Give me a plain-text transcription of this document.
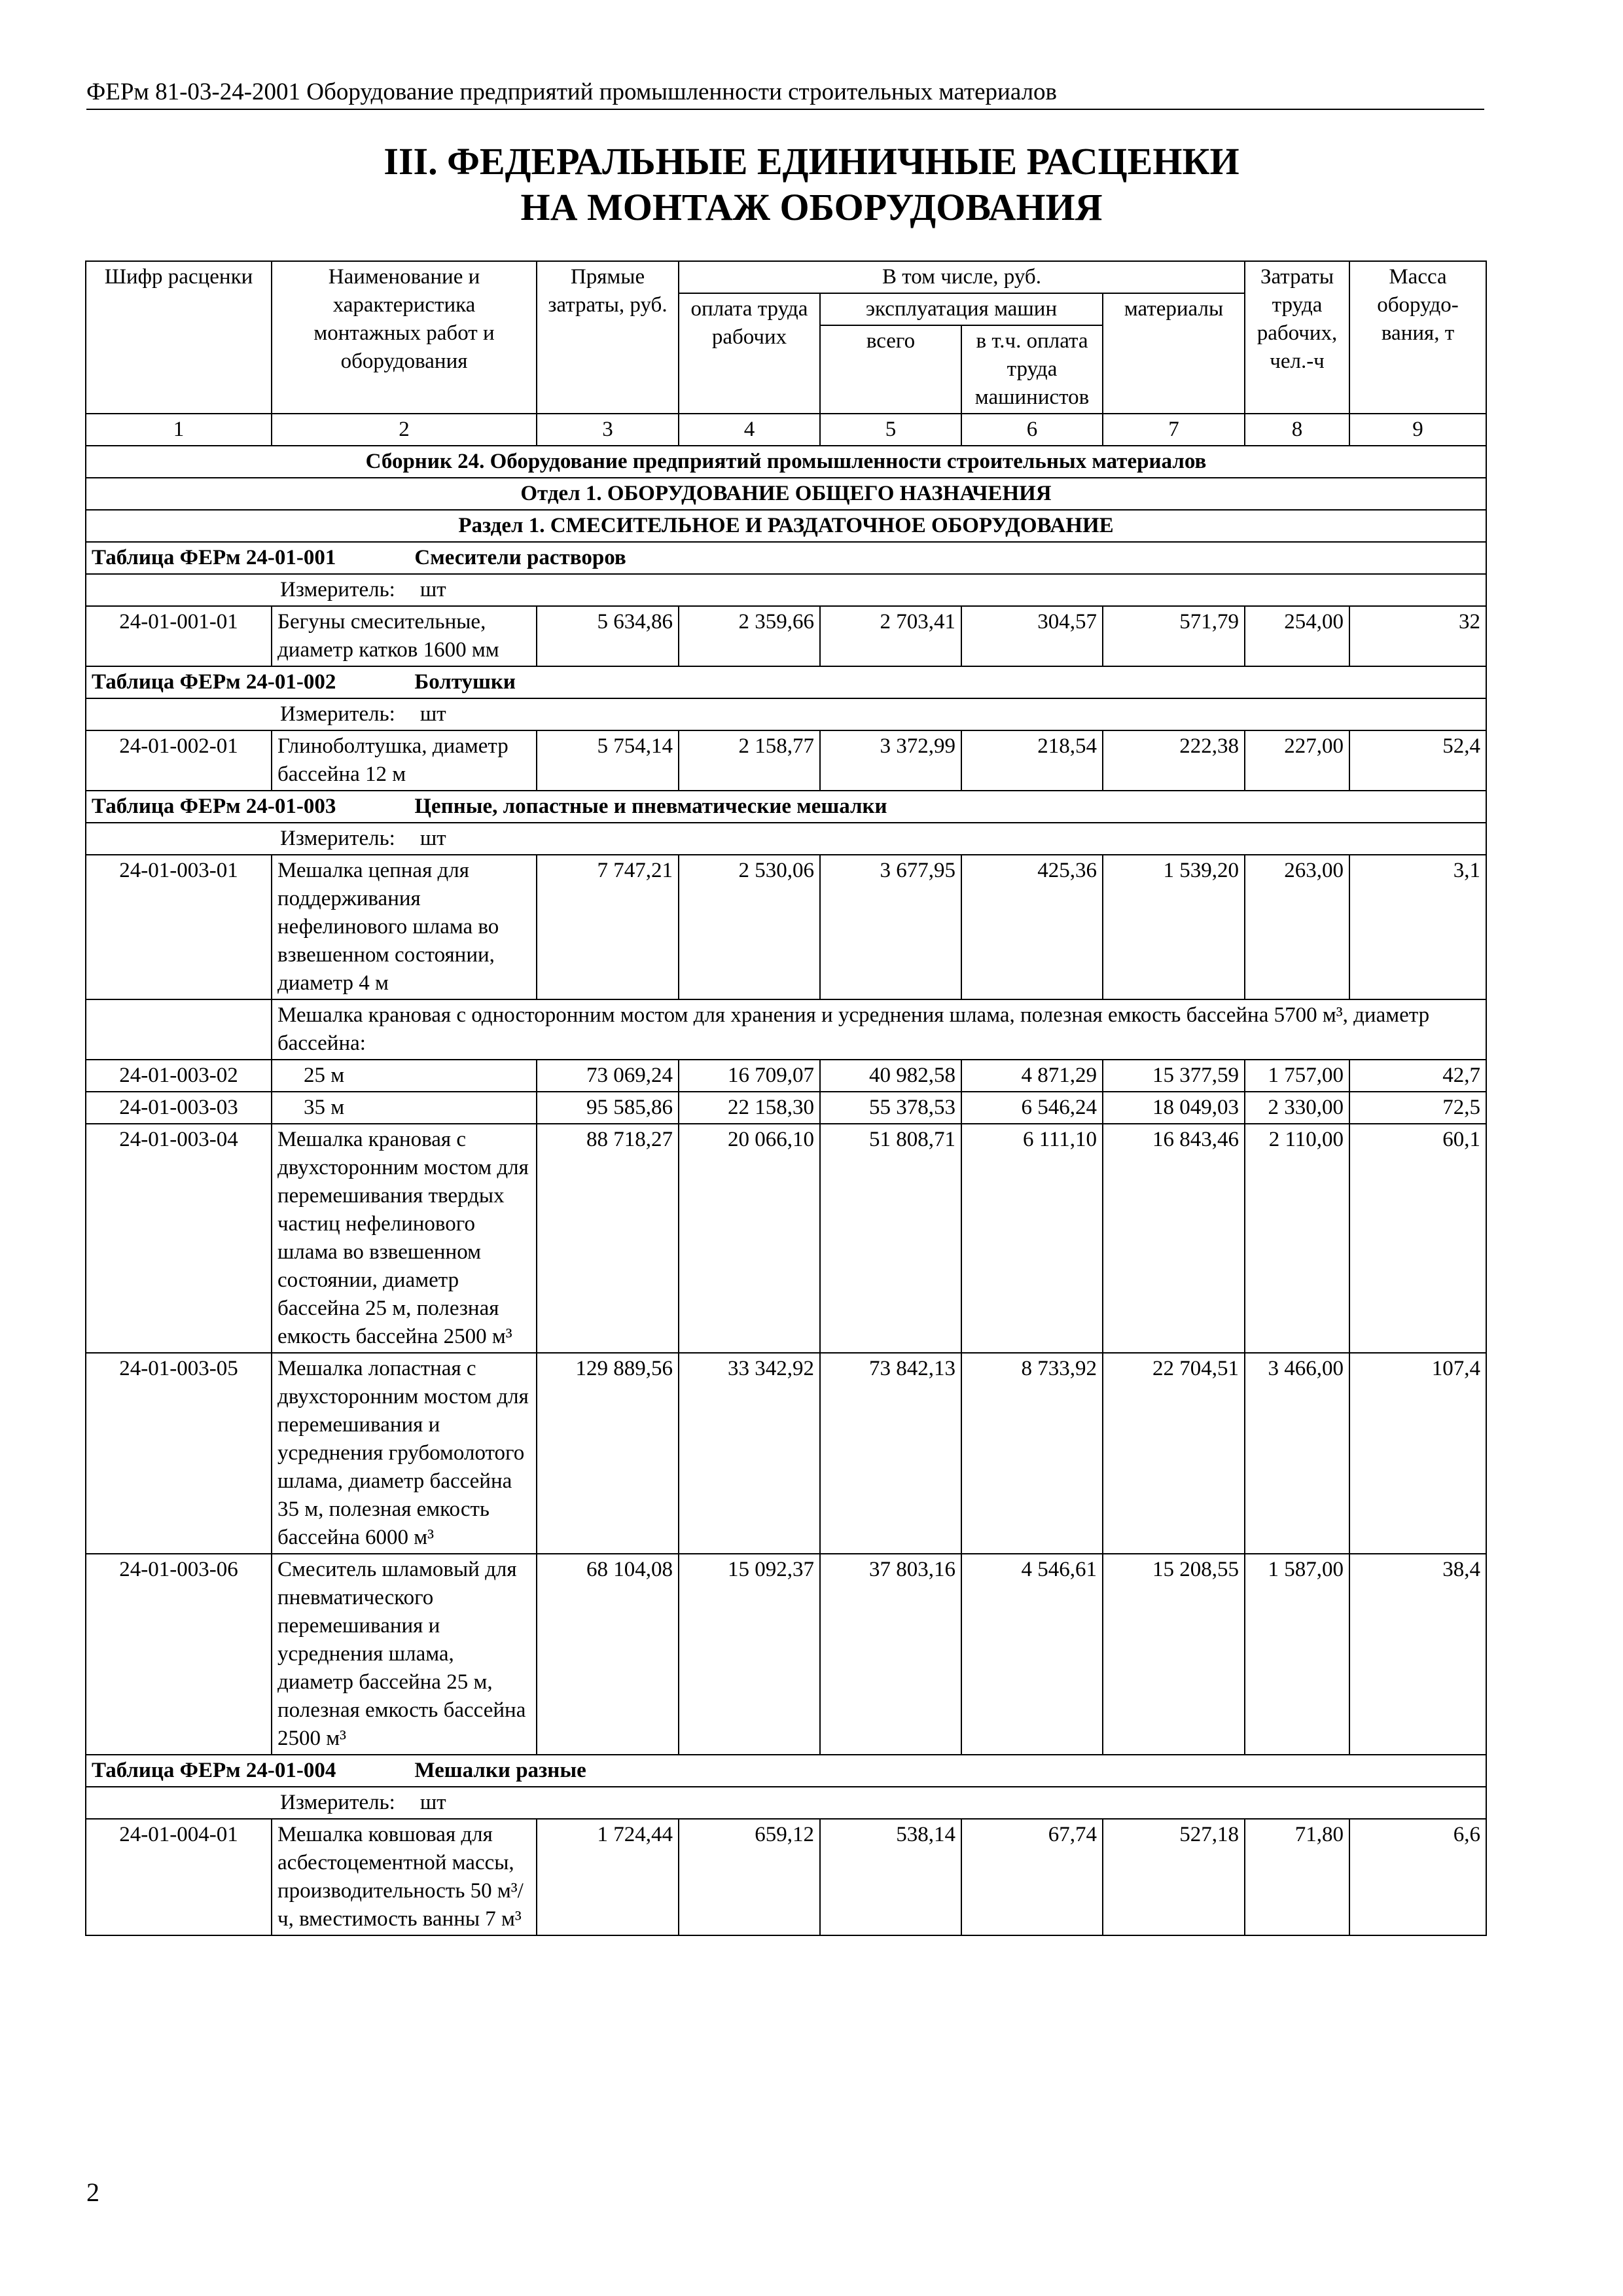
ФЕРм 81-03-24-2001 Оборудование предприятий промышленности строительных материалов
III. ФЕДЕРАЛЬНЫЕ ЕДИНИЧНЫЕ РАСЦЕНКИ
НА МОНТАЖ ОБОРУДОВАНИЯ
Шифр расценки	Наименование и характеристика монтажных работ и оборудования	Прямые затраты, руб.	В том числе, руб.				Затраты труда рабочих, чел.-ч	Масса оборудо-вания, т
			оплата труда рабочих	эксплуатация машин		материалы		
				всего	в т.ч. оплата труда машинистов			
1	2	3	4	5	6	7	8	9
Сборник 24. Оборудование предприятий промышленности строительных материалов								
Отдел 1. ОБОРУДОВАНИЕ ОБЩЕГО НАЗНАЧЕНИЯ								
Раздел 1. СМЕСИТЕЛЬНОЕ И РАЗДАТОЧНОЕ ОБОРУДОВАНИЕ								
Таблица ФЕРм 24-01-001 Смесители растворов								
Измеритель: шт								
24-01-001-01	Бегуны смесительные, диаметр катков 1600 мм	5 634,86	2 359,66	2 703,41	304,57	571,79	254,00	32
Таблица ФЕРм 24-01-002 Болтушки								
Измеритель: шт								
24-01-002-01	Глиноболтушка, диаметр бассейна 12 м	5 754,14	2 158,77	3 372,99	218,54	222,38	227,00	52,4
Таблица ФЕРм 24-01-003 Цепные, лопастные и пневматические мешалки								
Измеритель: шт								
24-01-003-01	Мешалка цепная для поддерживания нефелинового шлама во взвешенном состоянии, диаметр 4 м	7 747,21	2 530,06	3 677,95	425,36	1 539,20	263,00	3,1
	Мешалка крановая с односторонним мостом для хранения и усреднения шлама, полезная емкость бассейна 5700 м³, диаметр бассейна:							
24-01-003-02	25 м	73 069,24	16 709,07	40 982,58	4 871,29	15 377,59	1 757,00	42,7
24-01-003-03	35 м	95 585,86	22 158,30	55 378,53	6 546,24	18 049,03	2 330,00	72,5
24-01-003-04	Мешалка крановая с двухсторонним мостом для перемешивания твердых частиц нефелинового шлама во взвешенном состоянии, диаметр бассейна 25 м, полезная емкость бассейна 2500 м³	88 718,27	20 066,10	51 808,71	6 111,10	16 843,46	2 110,00	60,1
24-01-003-05	Мешалка лопастная с двухсторонним мостом для перемешивания и усреднения грубомолотого шлама, диаметр бассейна 35 м, полезная емкость бассейна 6000 м³	129 889,56	33 342,92	73 842,13	8 733,92	22 704,51	3 466,00	107,4
24-01-003-06	Смеситель шламовый для пневматического перемешивания и усреднения шлама, диаметр бассейна 25 м, полезная емкость бассейна 2500 м³	68 104,08	15 092,37	37 803,16	4 546,61	15 208,55	1 587,00	38,4
Таблица ФЕРм 24-01-004 Мешалки разные								
Измеритель: шт								
24-01-004-01	Мешалка ковшовая для асбестоцементной массы, производительность 50 м³/ч, вместимость ванны 7 м³	1 724,44	659,12	538,14	67,74	527,18	71,80	6,6
2
